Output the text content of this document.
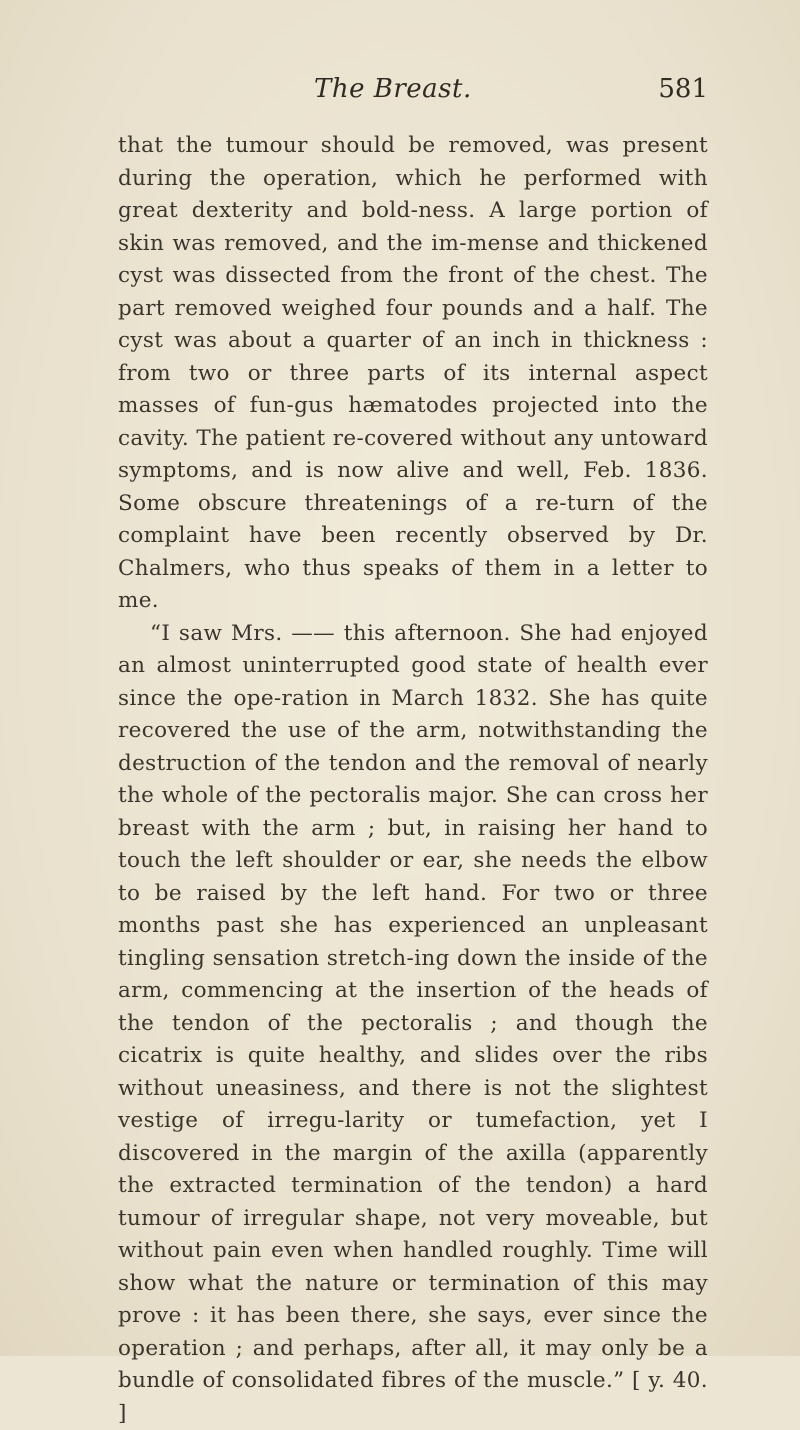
The Breast.	581

that the tumour should be removed, was present during the operation, which he performed with great dexterity and bold-ness. A large portion of skin was removed, and the im-mense and thickened cyst was dissected from the front of the chest. The part removed weighed four pounds and a half. The cyst was about a quarter of an inch in thickness : from two or three parts of its internal aspect masses of fun-gus hæmatodes projected into the cavity. The patient re-covered without any untoward symptoms, and is now alive and well, Feb. 1836. Some obscure threatenings of a re-turn of the complaint have been recently observed by Dr. Chalmers, who thus speaks of them in a letter to me.

“I saw Mrs. —— this afternoon. She had enjoyed an almost uninterrupted good state of health ever since the ope-ration in March 1832. She has quite recovered the use of the arm, notwithstanding the destruction of the tendon and the removal of nearly the whole of the pectoralis major. She can cross her breast with the arm ; but, in raising her hand to touch the left shoulder or ear, she needs the elbow to be raised by the left hand. For two or three months past she has experienced an unpleasant tingling sensation stretch-ing down the inside of the arm, commencing at the insertion of the heads of the tendon of the pectoralis ; and though the cicatrix is quite healthy, and slides over the ribs without uneasiness, and there is not the slightest vestige of irregu-larity or tumefaction, yet I discovered in the margin of the axilla (apparently the extracted termination of the tendon) a hard tumour of irregular shape, not very moveable, but without pain even when handled roughly. Time will show what the nature or termination of this may prove : it has been there, she says, ever since the operation ; and perhaps, after all, it may only be a bundle of consolidated fibres of the muscle.” [ y. 40. ]
